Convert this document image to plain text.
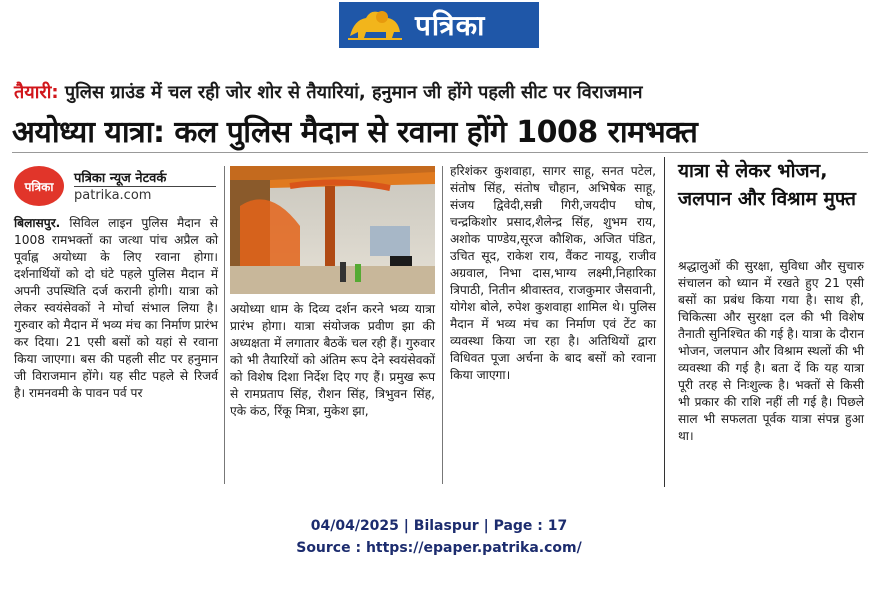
पत्रिका
तैयारी: पुलिस ग्राउंड में चल रही जोर शोर से तैयारियां, हनुमान जी होंगे पहली सीट पर विराजमान
अयोध्या यात्रा: कल पुलिस मैदान से रवाना होंगे 1008 रामभक्त
पत्रिका
पत्रिका न्यूज नेटवर्क
patrika.com

बिलासपुर. सिविल लाइन पुलिस मैदान से 1008 रामभक्तों का जत्था पांच अप्रैल को पूर्वाह्न अयोध्या के लिए रवाना होगा। दर्शनार्थियों को दो घंटे पहले पुलिस मैदान में अपनी उपस्थिति दर्ज करानी होगी। यात्रा को लेकर स्वयंसेवकों ने मोर्चा संभाल लिया है। गुरुवार को मैदान में भव्य मंच का निर्माण प्रारंभ कर दिया। 21 एसी बसों को यहां से रवाना किया जाएगा। बस की पहली सीट पर हनुमान जी विराजमान होंगे। यह सीट पहले से रिजर्व है। रामनवमी के पावन पर्व पर

अयोध्या धाम के दिव्य दर्शन करने भव्य यात्रा प्रारंभ होगा। यात्रा संयोजक प्रवीण झा की अध्यक्षता में लगातार बैठकें चल रही हैं। गुरुवार को भी तैयारियों को अंतिम रूप देने स्वयंसेवकों को विशेष दिशा निर्देश दिए गए हैं। प्रमुख रूप से रामप्रताप सिंह, रौशन सिंह, त्रिभुवन सिंह, एके कंठ, रिंकू मित्रा, मुकेश झा,

हरिशंकर कुशवाहा, सागर साहू, सनत पटेल, संतोष सिंह, संतोष चौहान, अभिषेक साहू, संजय द्विवेदी,सन्नी गिरी,जयदीप घोष, चन्द्रकिशोर प्रसाद,शैलेन्द्र सिंह, शुभम राय, अशोक पाण्डेय,सूरज कौशिक, अजित पंडित, उचित सूद, राकेश राय, वैंकट नायडू, राजीव अग्रवाल, निभा दास,भाग्य लक्ष्मी,निहारिका त्रिपाठी, नितीन श्रीवास्तव, राजकुमार जैसवानी, योगेश बोले, रुपेश कुशवाहा शामिल थे। पुलिस मैदान में भव्य मंच का निर्माण एवं टेंट का व्यवस्था किया जा रहा है। अतिथियों द्वारा विधिवत पूजा अर्चना के बाद बसों को रवाना किया जाएगा।

यात्रा से लेकर भोजन, जलपान और विश्राम मुफ्त

श्रद्धालुओं की सुरक्षा, सुविधा और सुचारु संचालन को ध्यान में रखते हुए 21 एसी बसों का प्रबंध किया गया है। साथ ही, चिकित्सा और सुरक्षा दल की भी विशेष तैनाती सुनिश्चित की गई है। यात्रा के दौरान भोजन, जलपान और विश्राम स्थलों की भी व्यवस्था की गई है। बता दें कि यह यात्रा पूरी तरह से निःशुल्क है। भक्तों से किसी भी प्रकार की राशि नहीं ली गई है। पिछले साल भी सफलता पूर्वक यात्रा संपन्न हुआ था।

04/04/2025 | Bilaspur | Page : 17
Source : https://epaper.patrika.com/
